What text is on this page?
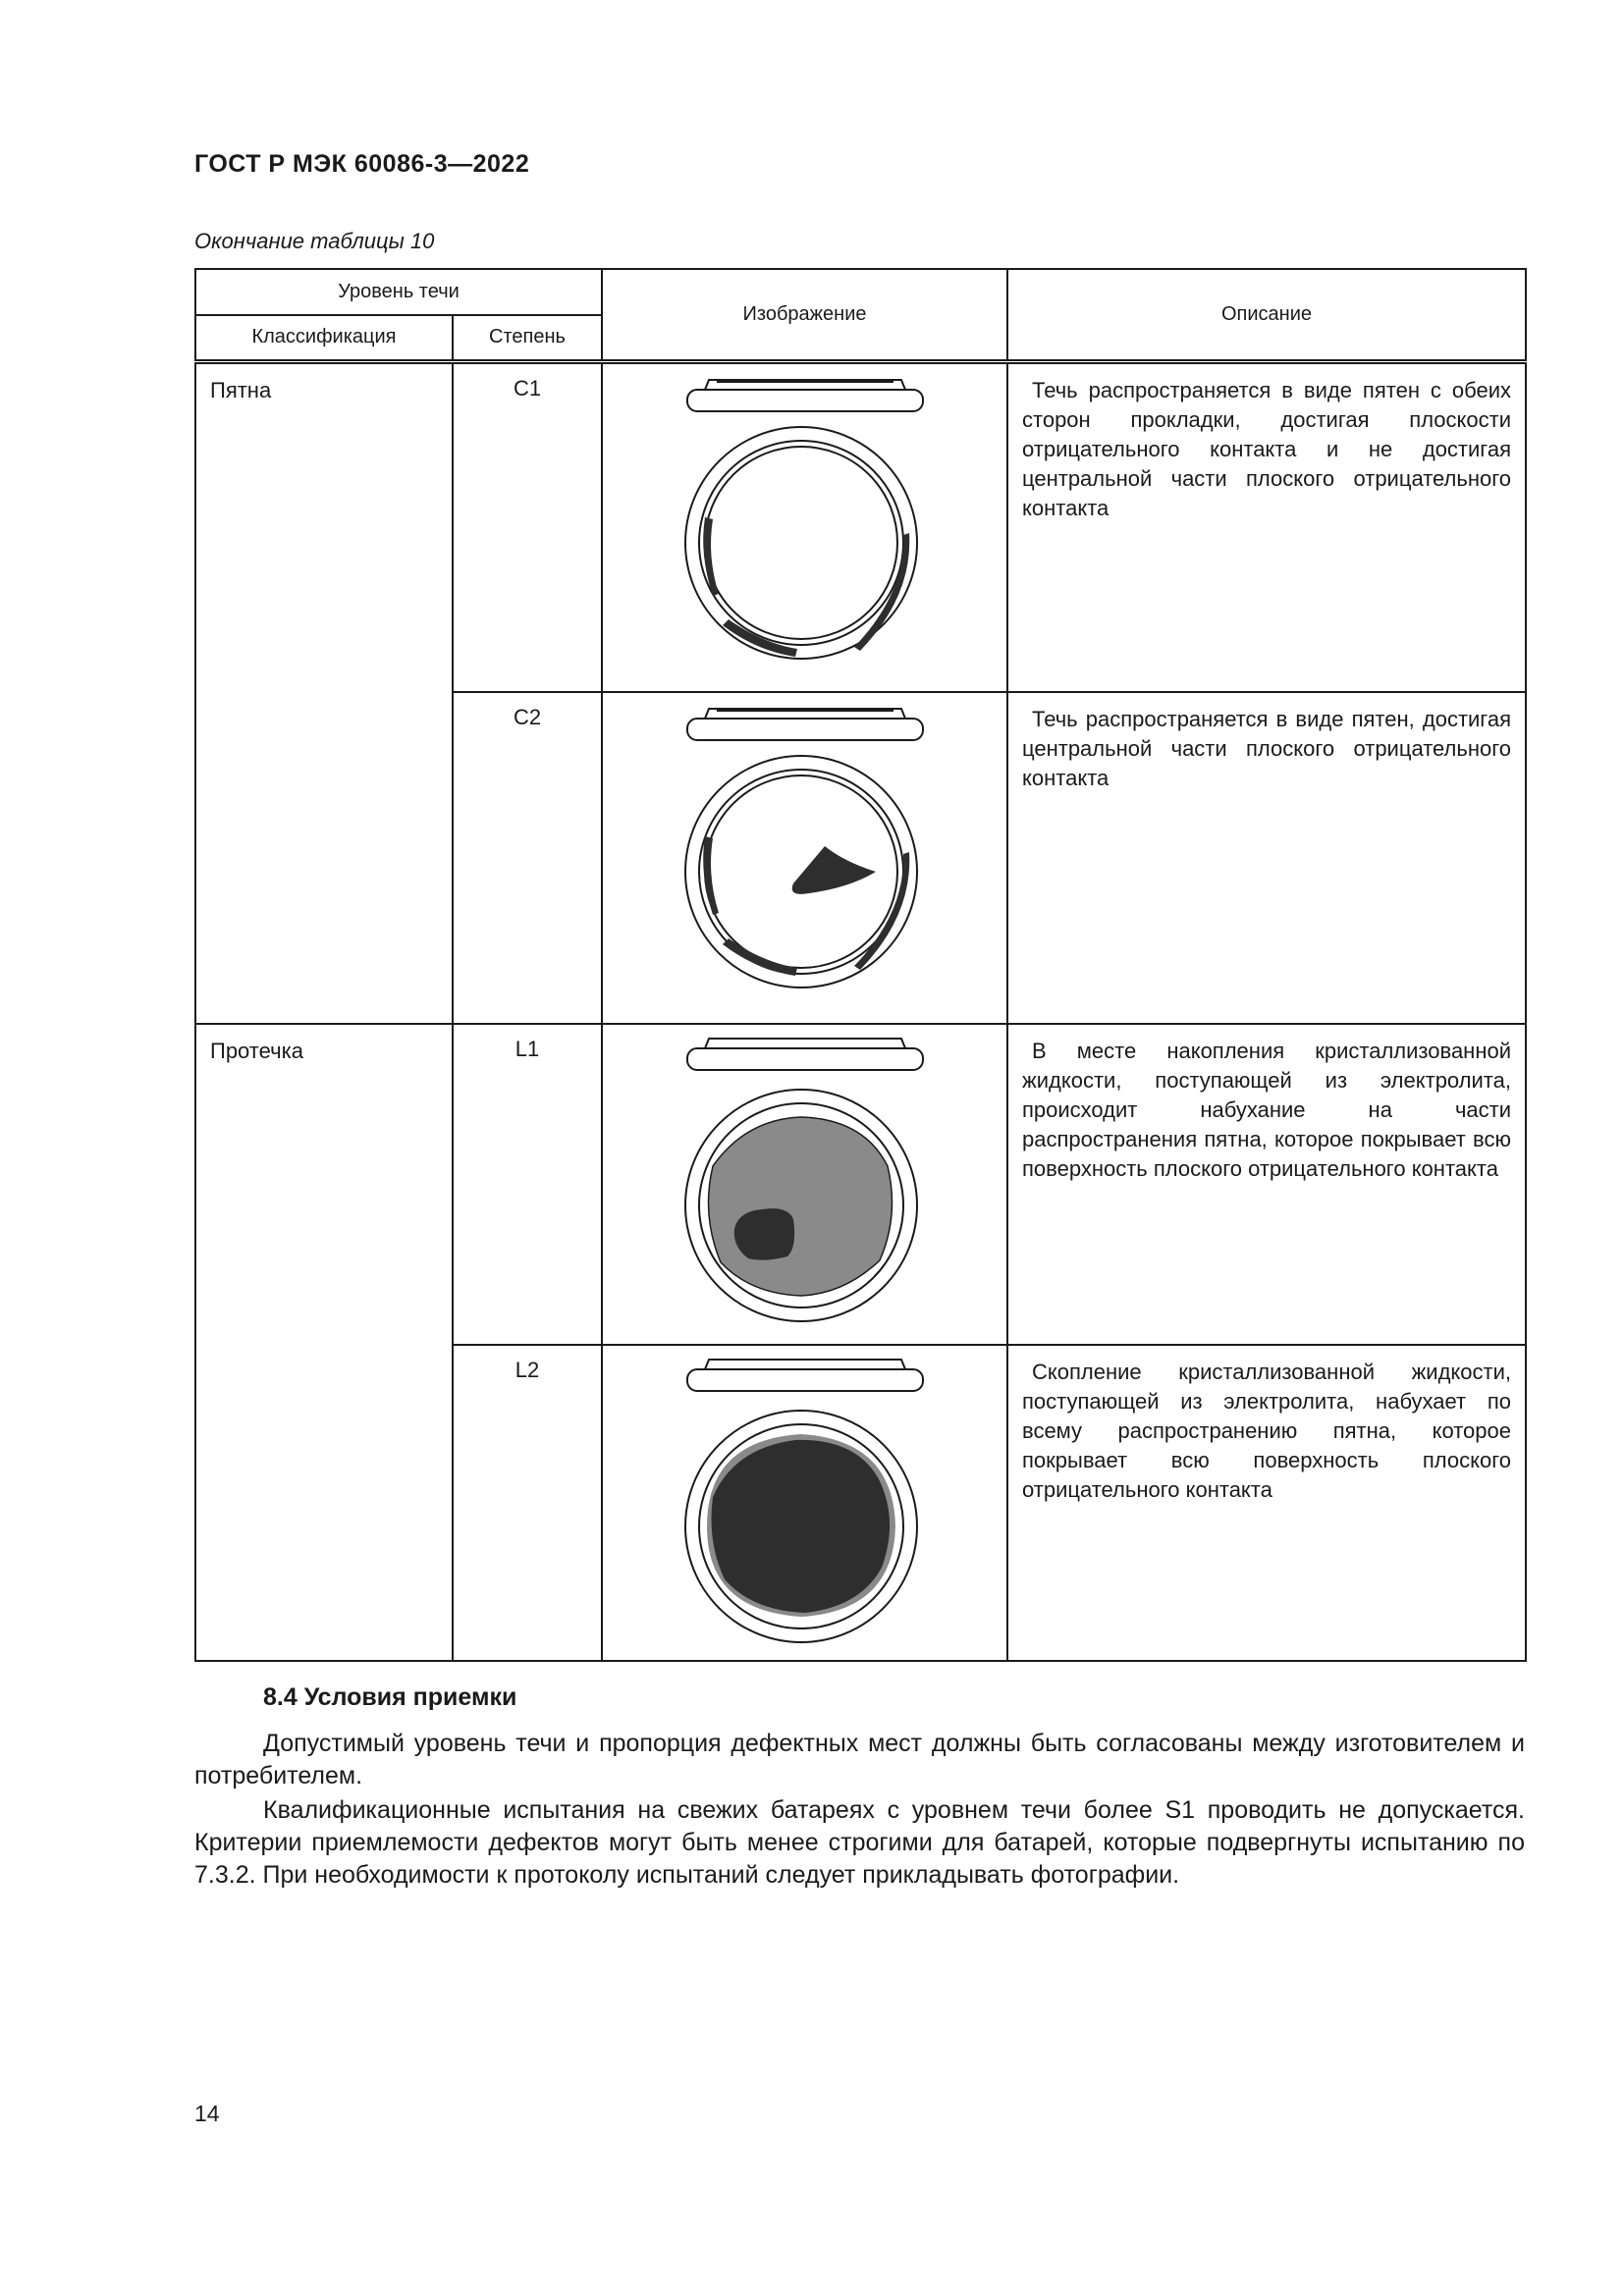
ГОСТ Р МЭК 60086-3—2022
Окончание таблицы 10
Уровень течи		Изображение	Описание
Классификация	Степень		
Пятна	C1		Течь распространяется в виде пятен с обеих сторон прокладки, достигая плоскости отрицательного контакта и не достигая центральной части плоского отрицательного контакта
	C2		Течь распространяется в виде пятен, достигая центральной части плоского отрицательного контакта
Протечка	L1		В месте накопления кристаллизованной жидкости, поступающей из электролита, происходит набухание на части распространения пятна, которое покрывает всю поверхность плоского отрицательного контакта
	L2		Скопление кристаллизованной жидкости, поступающей из электролита, набухает по всему распространению пятна, которое покрывает всю поверхность плоского отрицательного контакта
8.4 Условия приемки

Допустимый уровень течи и пропорция дефектных мест должны быть согласованы между изготовителем и потребителем.

Квалификационные испытания на свежих батареях с уровнем течи более S1 проводить не допускается. Критерии приемлемости дефектов могут быть менее строгими для батарей, которые подвергнуты испытанию по 7.3.2. При необходимости к протоколу испытаний следует прикладывать фотографии.

14
